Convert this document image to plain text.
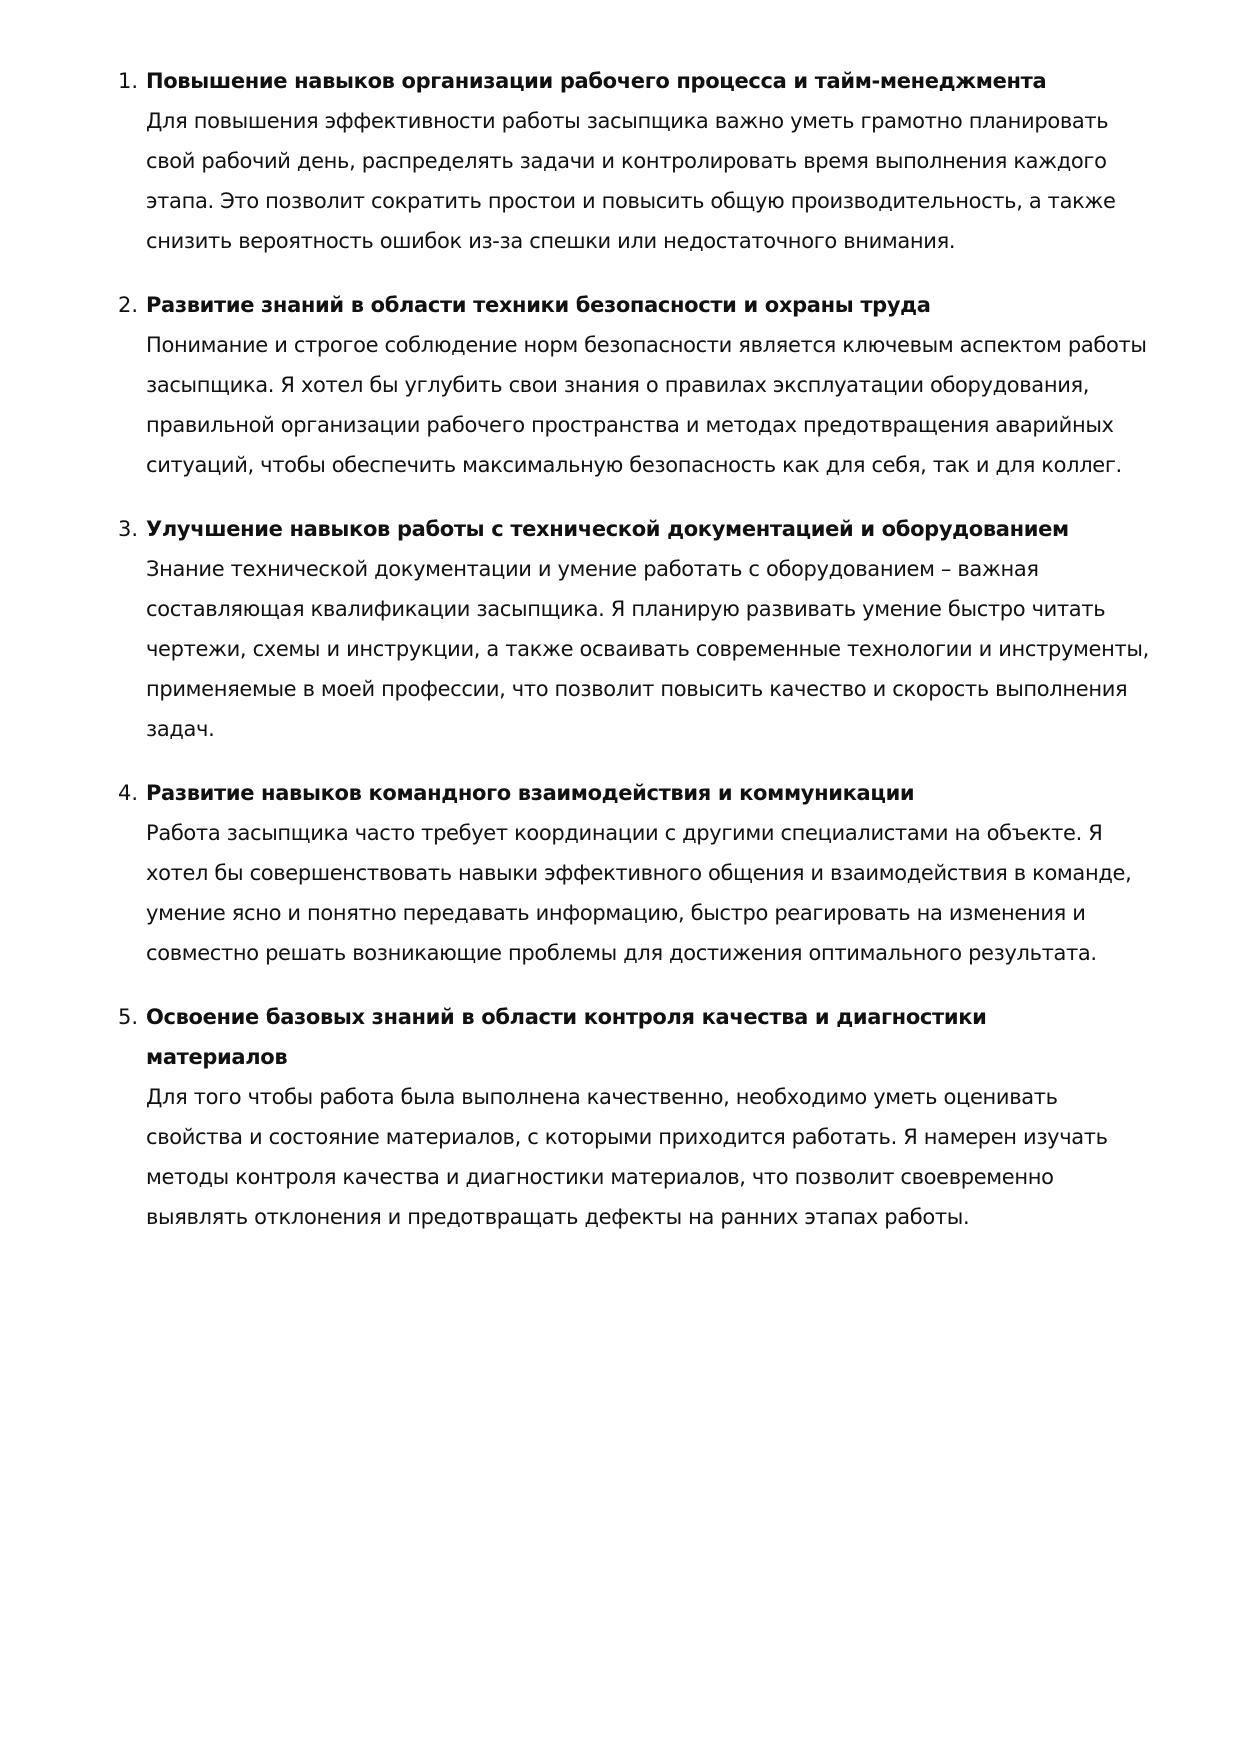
1. Повышение навыков организации рабочего процесса и тайм-менеджмента
Для повышения эффективности работы засыпщика важно уметь грамотно планировать свой рабочий день, распределять задачи и контролировать время выполнения каждого этапа. Это позволит сократить простои и повысить общую производительность, а также снизить вероятность ошибок из-за спешки или недостаточного внимания.
2. Развитие знаний в области техники безопасности и охраны труда
Понимание и строгое соблюдение норм безопасности является ключевым аспектом работы засыпщика. Я хотел бы углубить свои знания о правилах эксплуатации оборудования, правильной организации рабочего пространства и методах предотвращения аварийных ситуаций, чтобы обеспечить максимальную безопасность как для себя, так и для коллег.
3. Улучшение навыков работы с технической документацией и оборудованием
Знание технической документации и умение работать с оборудованием – важная составляющая квалификации засыпщика. Я планирую развивать умение быстро читать чертежи, схемы и инструкции, а также осваивать современные технологии и инструменты, применяемые в моей профессии, что позволит повысить качество и скорость выполнения задач.
4. Развитие навыков командного взаимодействия и коммуникации
Работа засыпщика часто требует координации с другими специалистами на объекте. Я хотел бы совершенствовать навыки эффективного общения и взаимодействия в команде, умение ясно и понятно передавать информацию, быстро реагировать на изменения и совместно решать возникающие проблемы для достижения оптимального результата.
5. Освоение базовых знаний в области контроля качества и диагностики материалов
Для того чтобы работа была выполнена качественно, необходимо уметь оценивать свойства и состояние материалов, с которыми приходится работать. Я намерен изучать методы контроля качества и диагностики материалов, что позволит своевременно выявлять отклонения и предотвращать дефекты на ранних этапах работы.
